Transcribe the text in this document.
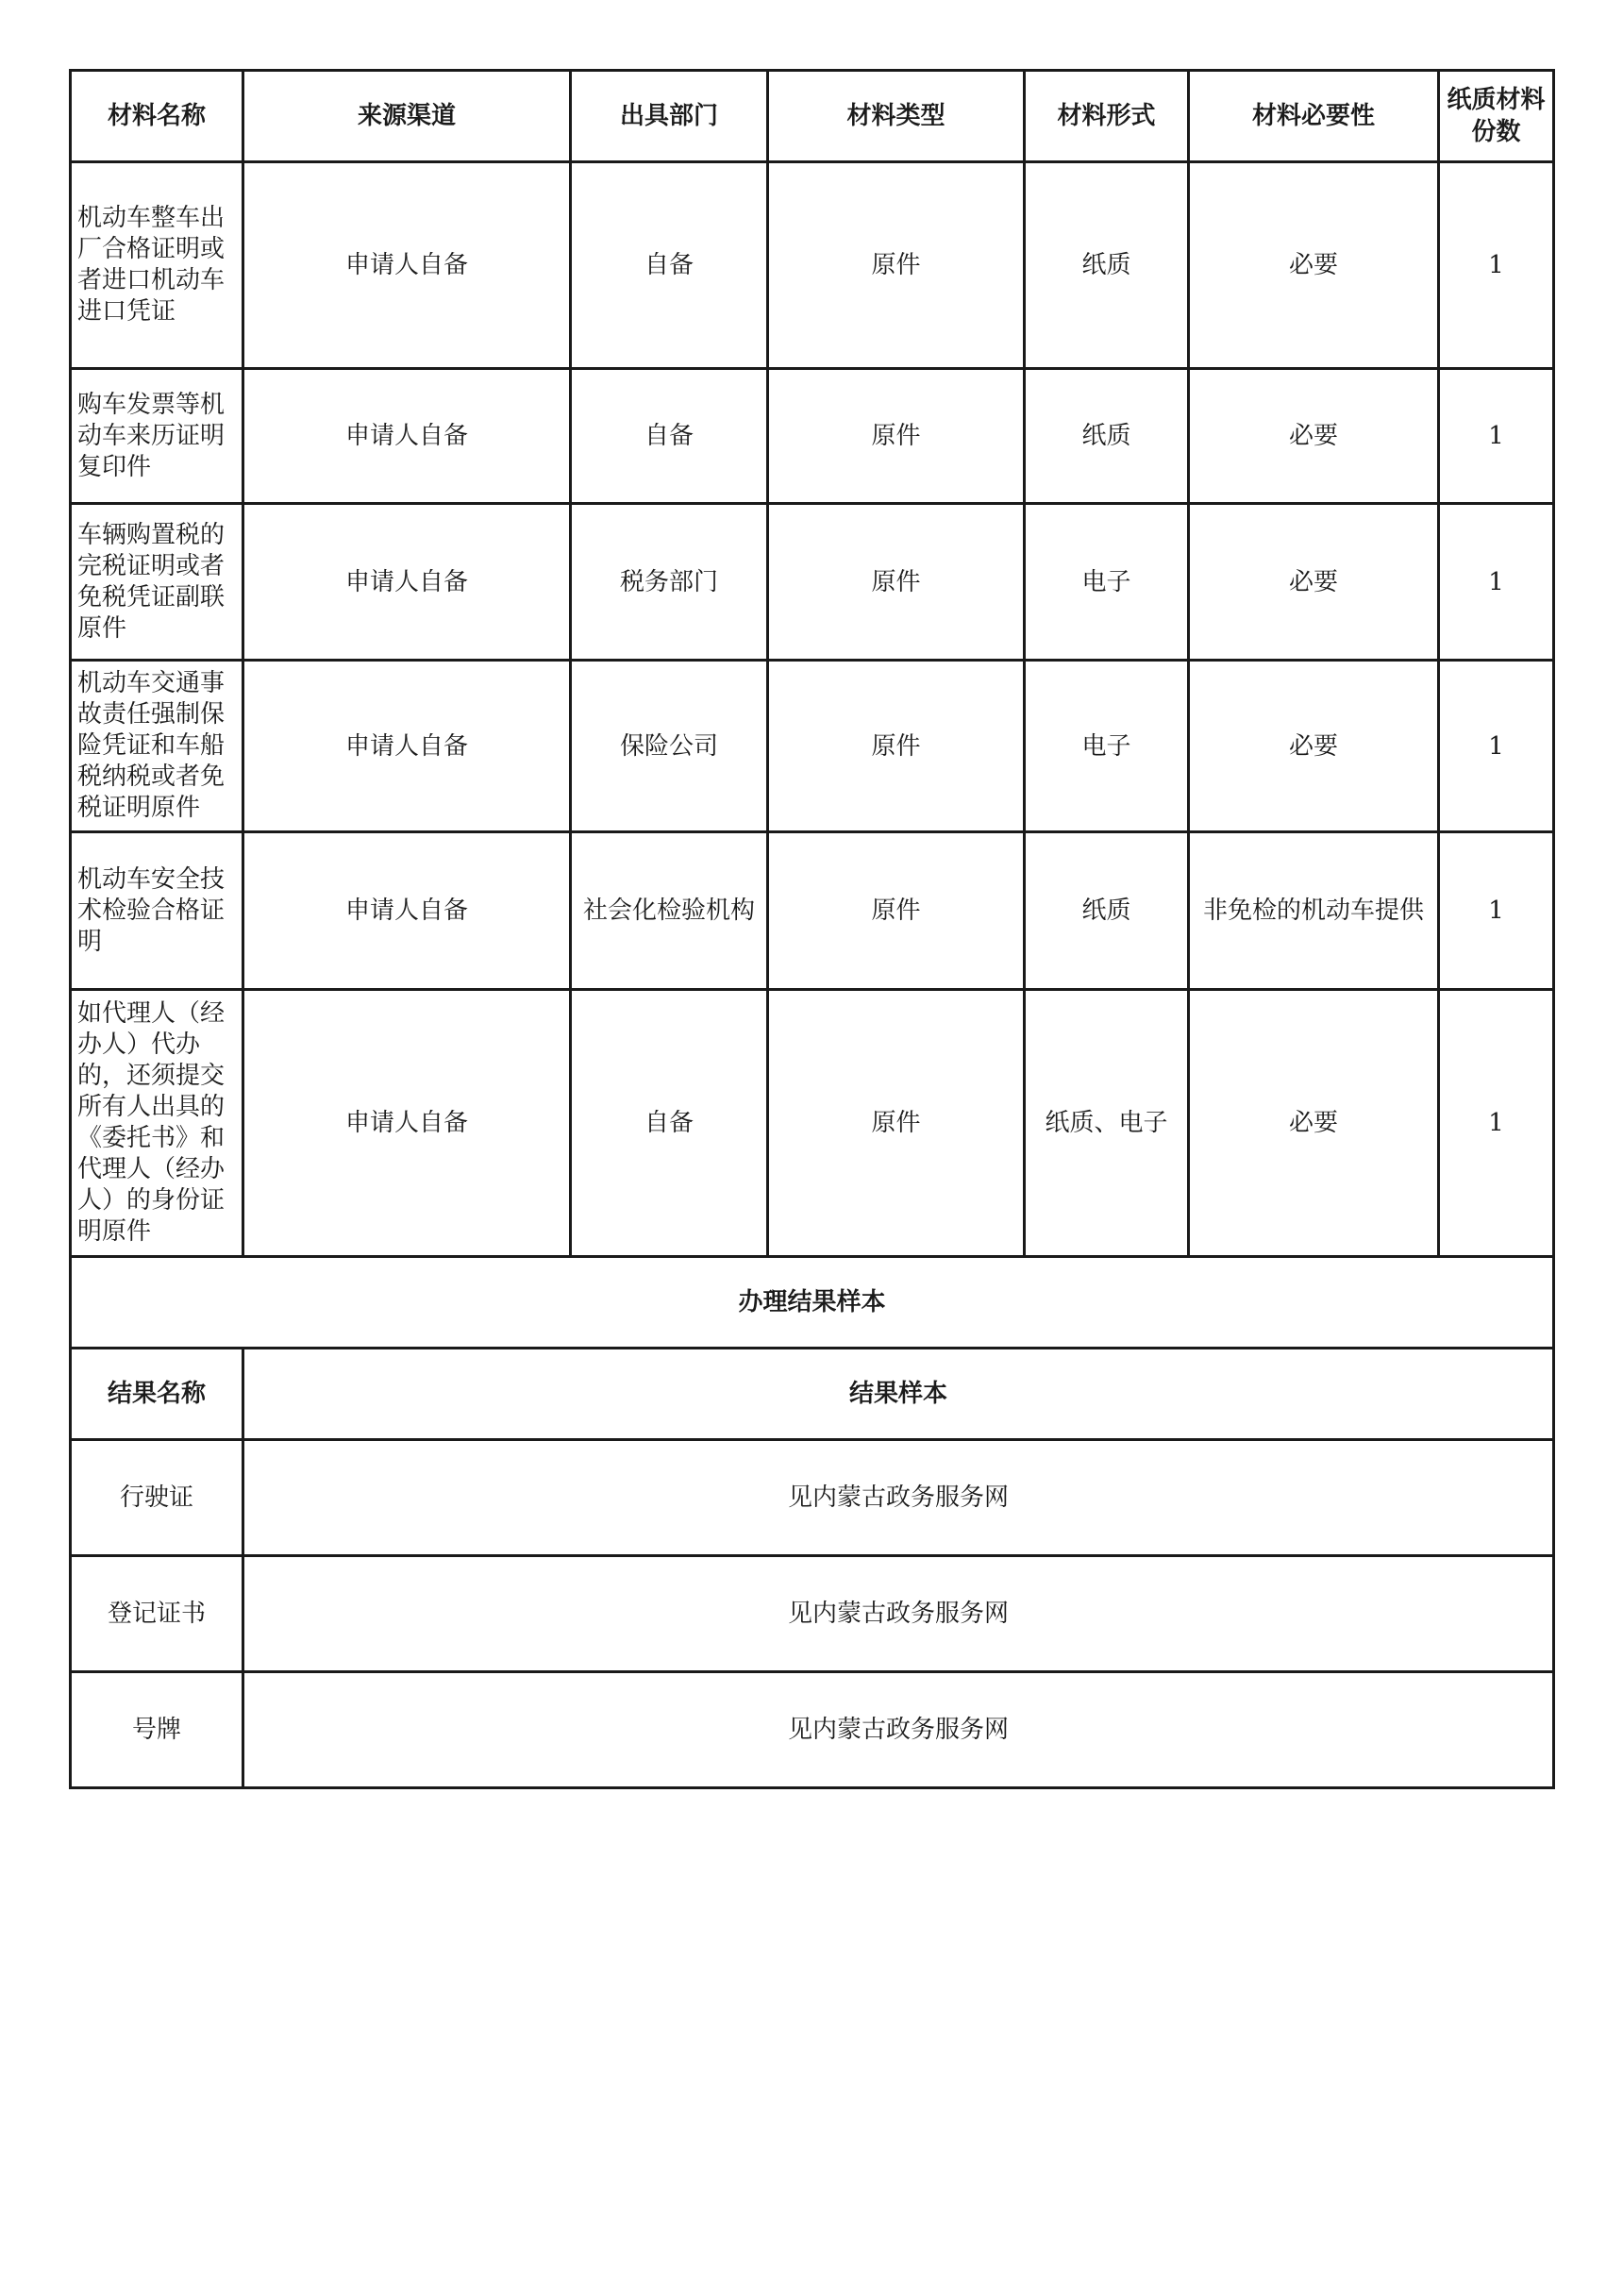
材料名称	来源渠道	出具部门	材料类型	材料形式	材料必要性	纸质材料份数
机动车整车出厂合格证明或者进口机动车进口凭证	申请人自备	自备	原件	纸质	必要	1
购车发票等机动车来历证明复印件	申请人自备	自备	原件	纸质	必要	1
车辆购置税的完税证明或者免税凭证副联原件	申请人自备	税务部门	原件	电子	必要	1
机动车交通事故责任强制保险凭证和车船税纳税或者免税证明原件	申请人自备	保险公司	原件	电子	必要	1
机动车安全技术检验合格证明	申请人自备	社会化检验机构	原件	纸质	非免检的机动车提供	1
如代理人（经办人）代办的，还须提交所有人出具的《委托书》和代理人（经办人）的身份证明原件	申请人自备	自备	原件	纸质、电子	必要	1
办理结果样本						
结果名称	结果样本					
行驶证	见内蒙古政务服务网					
登记证书	见内蒙古政务服务网					
号牌	见内蒙古政务服务网					
